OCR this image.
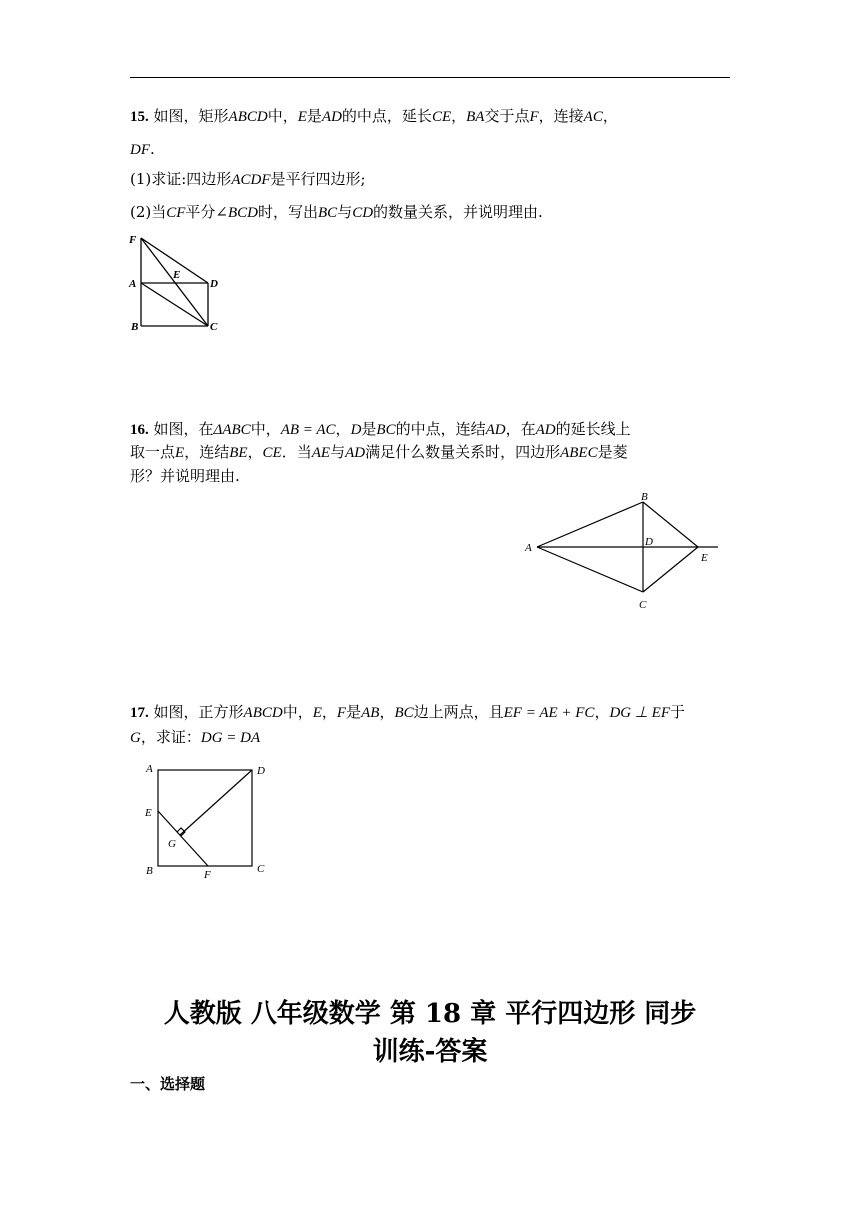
15. 如图，矩形ABCD中，E是AD的中点，延长CE，BA交于点F，连接AC，
DF.
(1)求证:四边形ACDF是平行四边形;
(2)当CF平分∠BCD时，写出BC与CD的数量关系，并说明理由.
F
A
E
D
B	C
16. 如图，在ΔABC中，AB = AC，D是BC的中点，连结AD，在AD的延长线上
取一点E，连结BE，CE．当AE与AD满足什么数量关系时，四边形ABEC是菱
形？并说明理由.
A
B
D
E
C
17. 如图，正方形ABCD中，E，F是AB，BC边上两点，且EF = AE + FC，DG ⊥ EF于
G，求证：DG = DA
A	D
E
G
B	F	C
人教版 八年级数学 第 18 章 平行四边形 同步
训练-答案
一、选择题
